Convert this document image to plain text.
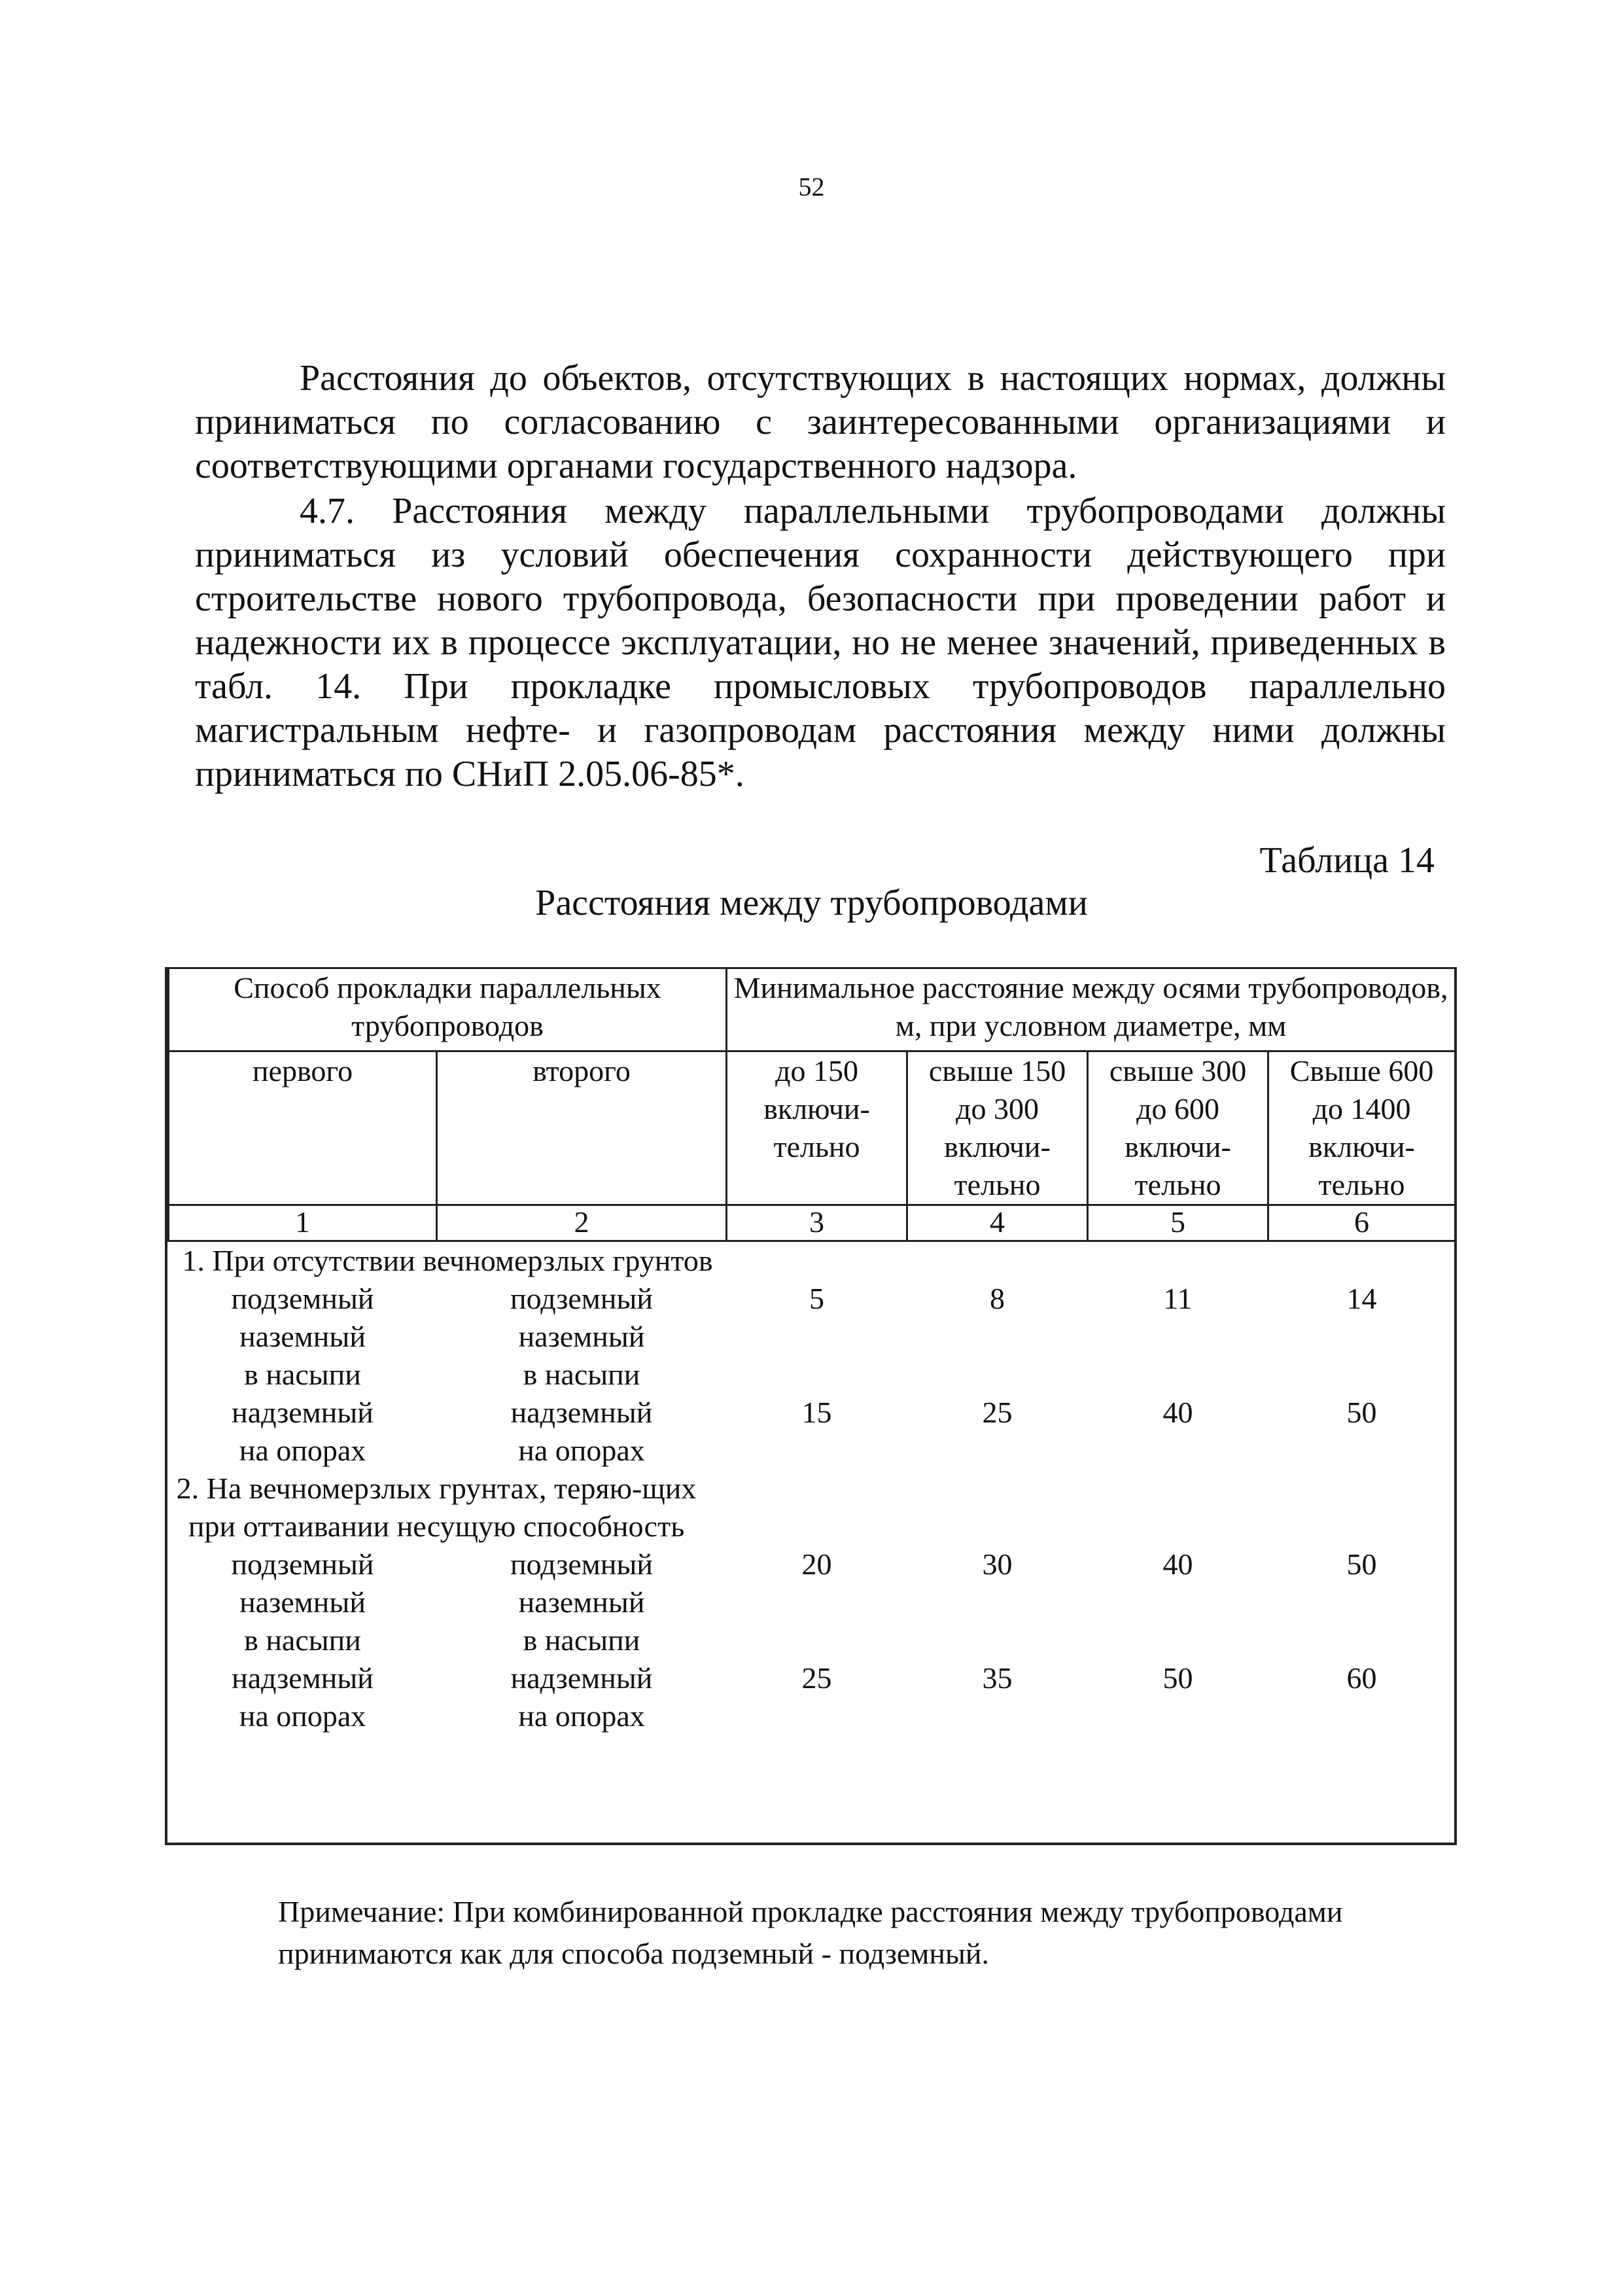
52

Расстояния до объектов, отсутствующих в настоящих нормах, должны приниматься по согласованию с заинтересованными организациями и соответствующими органами государственного надзора.

4.7. Расстояния между параллельными трубопроводами должны приниматься из условий обеспечения сохранности действующего при строительстве нового трубопровода, безопасности при проведении работ и надежности их в процессе эксплуатации, но не менее значений, приведенных в табл. 14. При прокладке промысловых трубопроводов параллельно магистральным нефте- и газопроводам расстояния между ними должны приниматься по СНиП 2.05.06-85*.

Таблица 14
Расстояния между трубопроводами
Способ прокладки параллельных трубопроводов		Минимальное расстояние между осями трубопроводов, м, при условном диаметре, мм			
первого	второго	до 150 включи-тельно	свыше 150 до 300 включи-тельно	свыше 300 до 600 включи-тельно	Свыше 600 до 1400 включи-тельно
1	2	3	4	5	6
1. При отсутствии вечномерзлых грунтов					
подземный	подземный	5	8	11	14
наземный	наземный				
в насыпи	в насыпи				
надземный	надземный	15	25	40	50
на опорах	на опорах				
2. На вечномерзлых грунтах, теряю-щих при оттаивании несущую способность					
подземный	подземный	20	30	40	50
наземный	наземный				
в насыпи	в насыпи				
надземный	надземный	25	35	50	60
на опорах	на опорах				
Примечание: При комбинированной прокладке расстояния между трубопроводами принимаются как для способа подземный - подземный.
